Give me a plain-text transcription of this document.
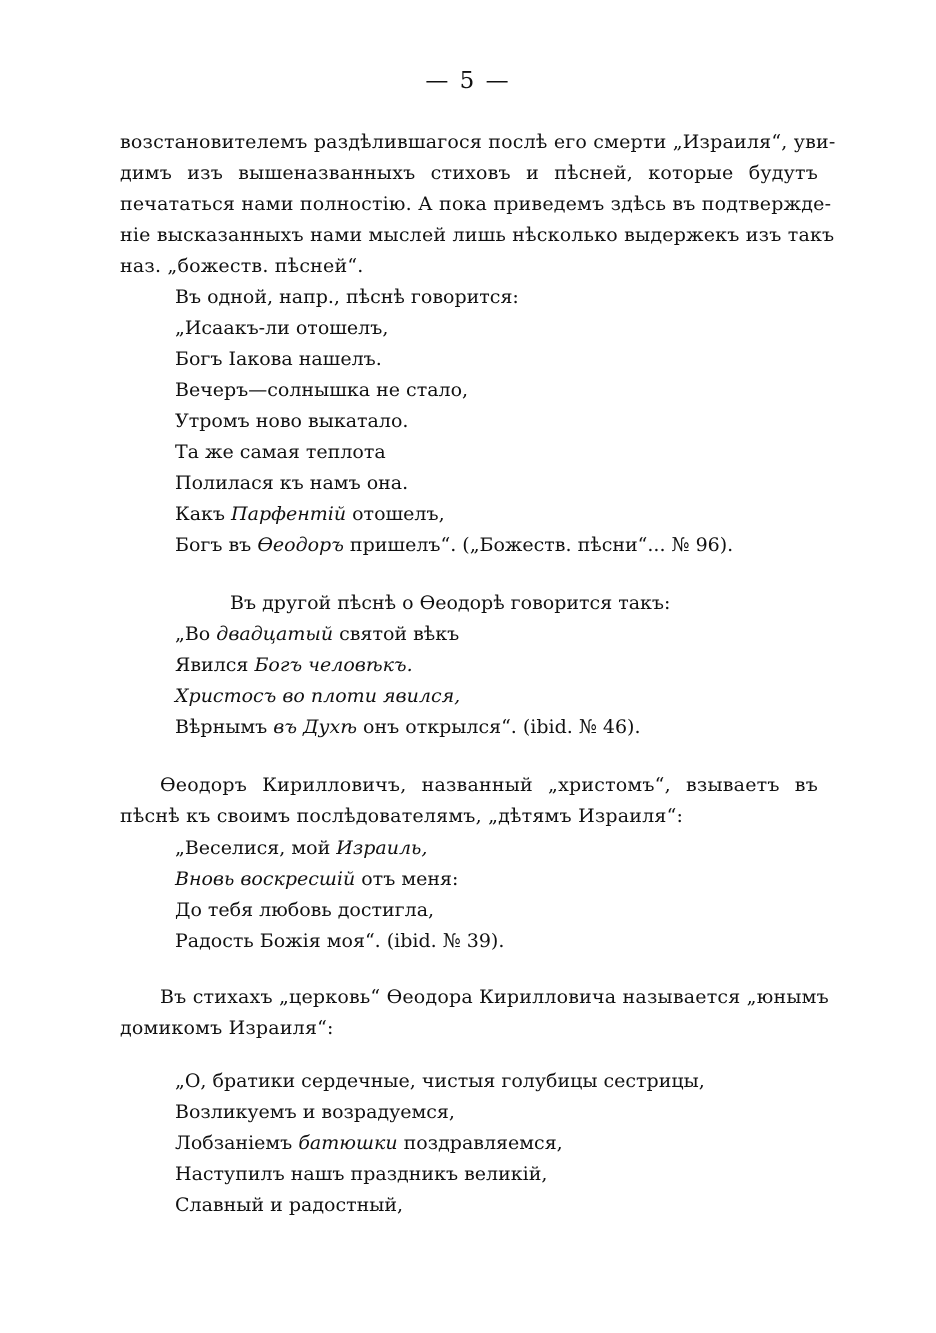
— 5 —
возстановителемъ раздѣлившагося послѣ его смерти „Израиля“, уви-
димъ изъ вышеназванныхъ стиховъ и пѣсней, которые будутъ
печататься нами полностію. А пока приведемъ здѣсь въ подтвержде-
ніе высказанныхъ нами мыслей лишь нѣсколько выдержекъ изъ такъ
наз. „божеств. пѣсней“.
Въ одной, напр., пѣснѣ говорится:
„Исаакъ-ли отошелъ,
Богъ Іакова нашелъ.
Вечеръ—солнышка не стало,
Утромъ ново выкатало.
Та же самая теплота
Полилася къ намъ она.
Какъ Парфентій отошелъ,
Богъ въ Өеодоръ пришелъ“. („Божеств. пѣсни“... № 96).
Въ другой пѣснѣ о Өеодорѣ говорится такъ:
„Во двадцатый святой вѣкъ
Явился Богъ человѣкъ.
Христосъ во плоти явился,
Вѣрнымъ въ Духѣ онъ открылся“. (ibid. № 46).
Өеодоръ Кирилловичъ, названный „христомъ“, взываетъ въ
пѣснѣ къ своимъ послѣдователямъ, „дѣтямъ Израиля“:
„Веселися, мой Израиль,
Вновь воскресшій отъ меня:
До тебя любовь достигла,
Радость Божія моя“. (ibid. № 39).
Въ стихахъ „церковь“ Өеодора Кирилловича называется „юнымъ
домикомъ Израиля“:
„О, братики сердечные, чистыя голубицы сестрицы,
Возликуемъ и возрадуемся,
Лобзаніемъ батюшки поздравляемся,
Наступилъ нашъ праздникъ великій,
Славный и радостный,
